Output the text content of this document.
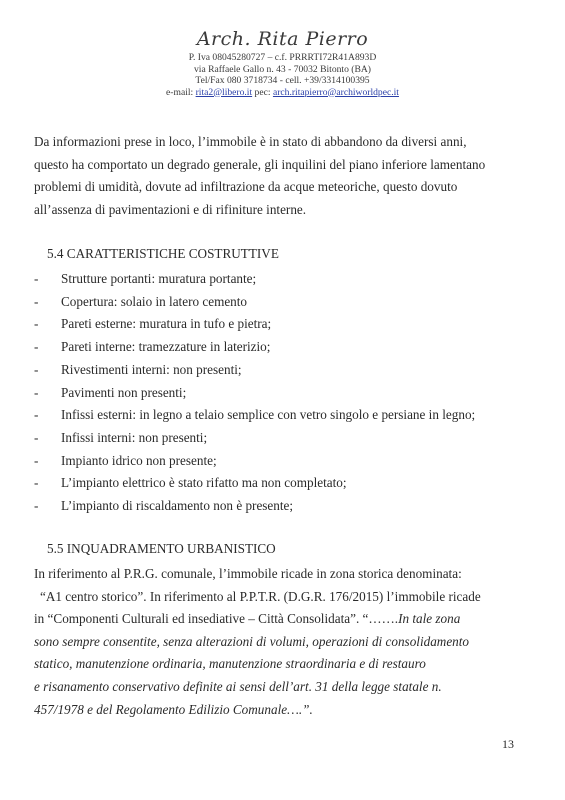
Arch. Rita Pierro
P. Iva 08045280727 – c.f. PRRRTI72R41A893D
via Raffaele Gallo n. 43 - 70032 Bitonto (BA)
Tel/Fax 080 3718734 - cell. +39/3314100395
e-mail: rita2@libero.it pec: arch.ritapierro@archiworldpec.it
Da informazioni prese in loco, l’immobile è in stato di abbandono da diversi anni,
questo ha comportato un degrado generale, gli inquilini del piano inferiore lamentano
problemi di umidità, dovute ad infiltrazione da acque meteoriche, questo dovuto
all’assenza di pavimentazioni e di rifiniture interne.
5.4 CARATTERISTICHE COSTRUTTIVE
- Strutture portanti: muratura portante;
- Copertura: solaio in latero cemento
- Pareti esterne: muratura in tufo e pietra;
- Pareti interne: tramezzature in laterizio;
- Rivestimenti interni: non presenti;
- Pavimenti non presenti;
- Infissi esterni: in legno a telaio semplice con vetro singolo e persiane in legno;
- Infissi interni: non presenti;
- Impianto idrico non presente;
- L’impianto elettrico è stato rifatto ma non completato;
- L’impianto di riscaldamento non è presente;
5.5 INQUADRAMENTO URBANISTICO
In riferimento al P.R.G. comunale, l’immobile ricade in zona storica denominata:
“A1 centro storico”. In riferimento al P.P.T.R. (D.G.R. 176/2015) l’immobile ricade
in “Componenti Culturali ed insediative – Città Consolidata”. “…….In tale zona
sono sempre consentite, senza alterazioni di volumi, operazioni di consolidamento
statico, manutenzione ordinaria, manutenzione straordinaria e di restauro
e risanamento conservativo definite ai sensi dell’art. 31 della legge statale n.
457/1978 e del Regolamento Edilizio Comunale….”.
13
